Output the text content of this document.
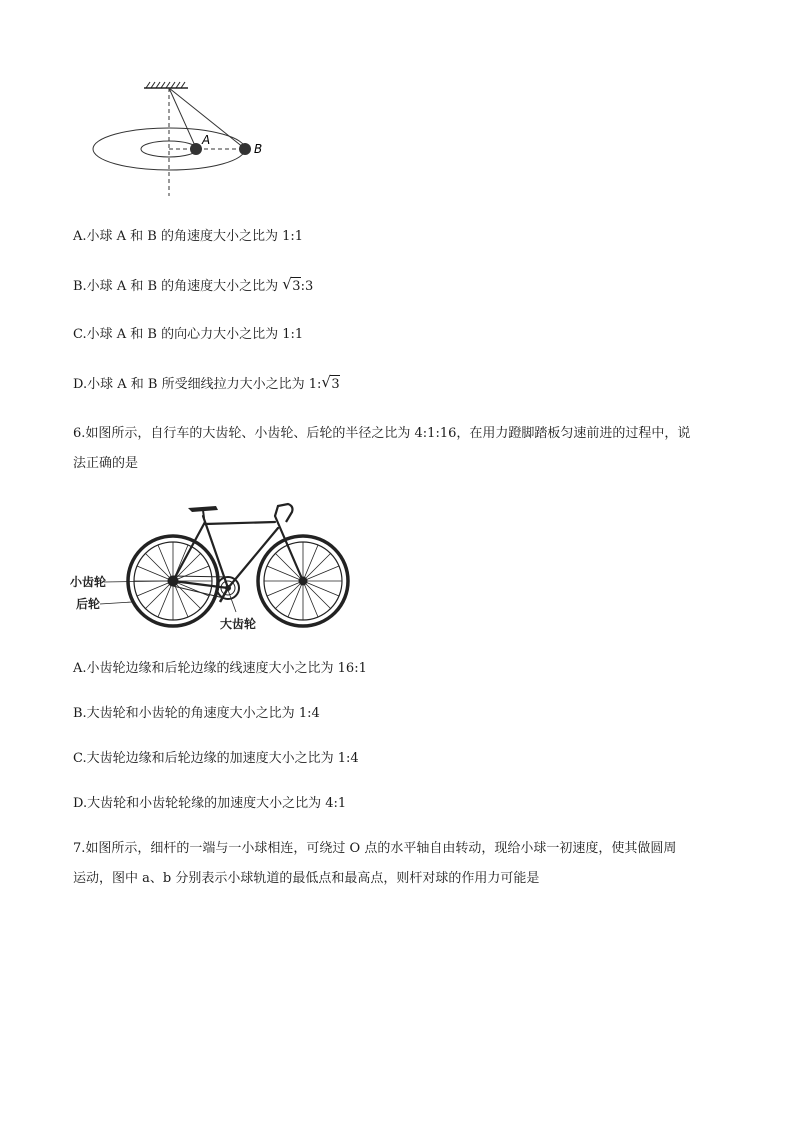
A
B
A.小球 A 和 B 的角速度大小之比为 1:1
B.小球 A 和 B 的角速度大小之比为 √ 3:3
C.小球 A 和 B 的向心力大小之比为 1:1
D.小球 A 和 B 所受细线拉力大小之比为 1: √ 3
6.如图所示，自行车的大齿轮、小齿轮、后轮的半径之比为 4:1:16，在用力蹬脚踏板匀速前进的过程中，说
法正确的是
小齿轮
后轮
大齿轮
A.小齿轮边缘和后轮边缘的线速度大小之比为 16:1
B.大齿轮和小齿轮的角速度大小之比为 1:4
C.大齿轮边缘和后轮边缘的加速度大小之比为 1:4
D.大齿轮和小齿轮轮缘的加速度大小之比为 4:1
7.如图所示，细杆的一端与一小球相连，可绕过 O 点的水平轴自由转动，现给小球一初速度，使其做圆周
运动，图中 a、b 分别表示小球轨道的最低点和最高点，则杆对球的作用力可能是
